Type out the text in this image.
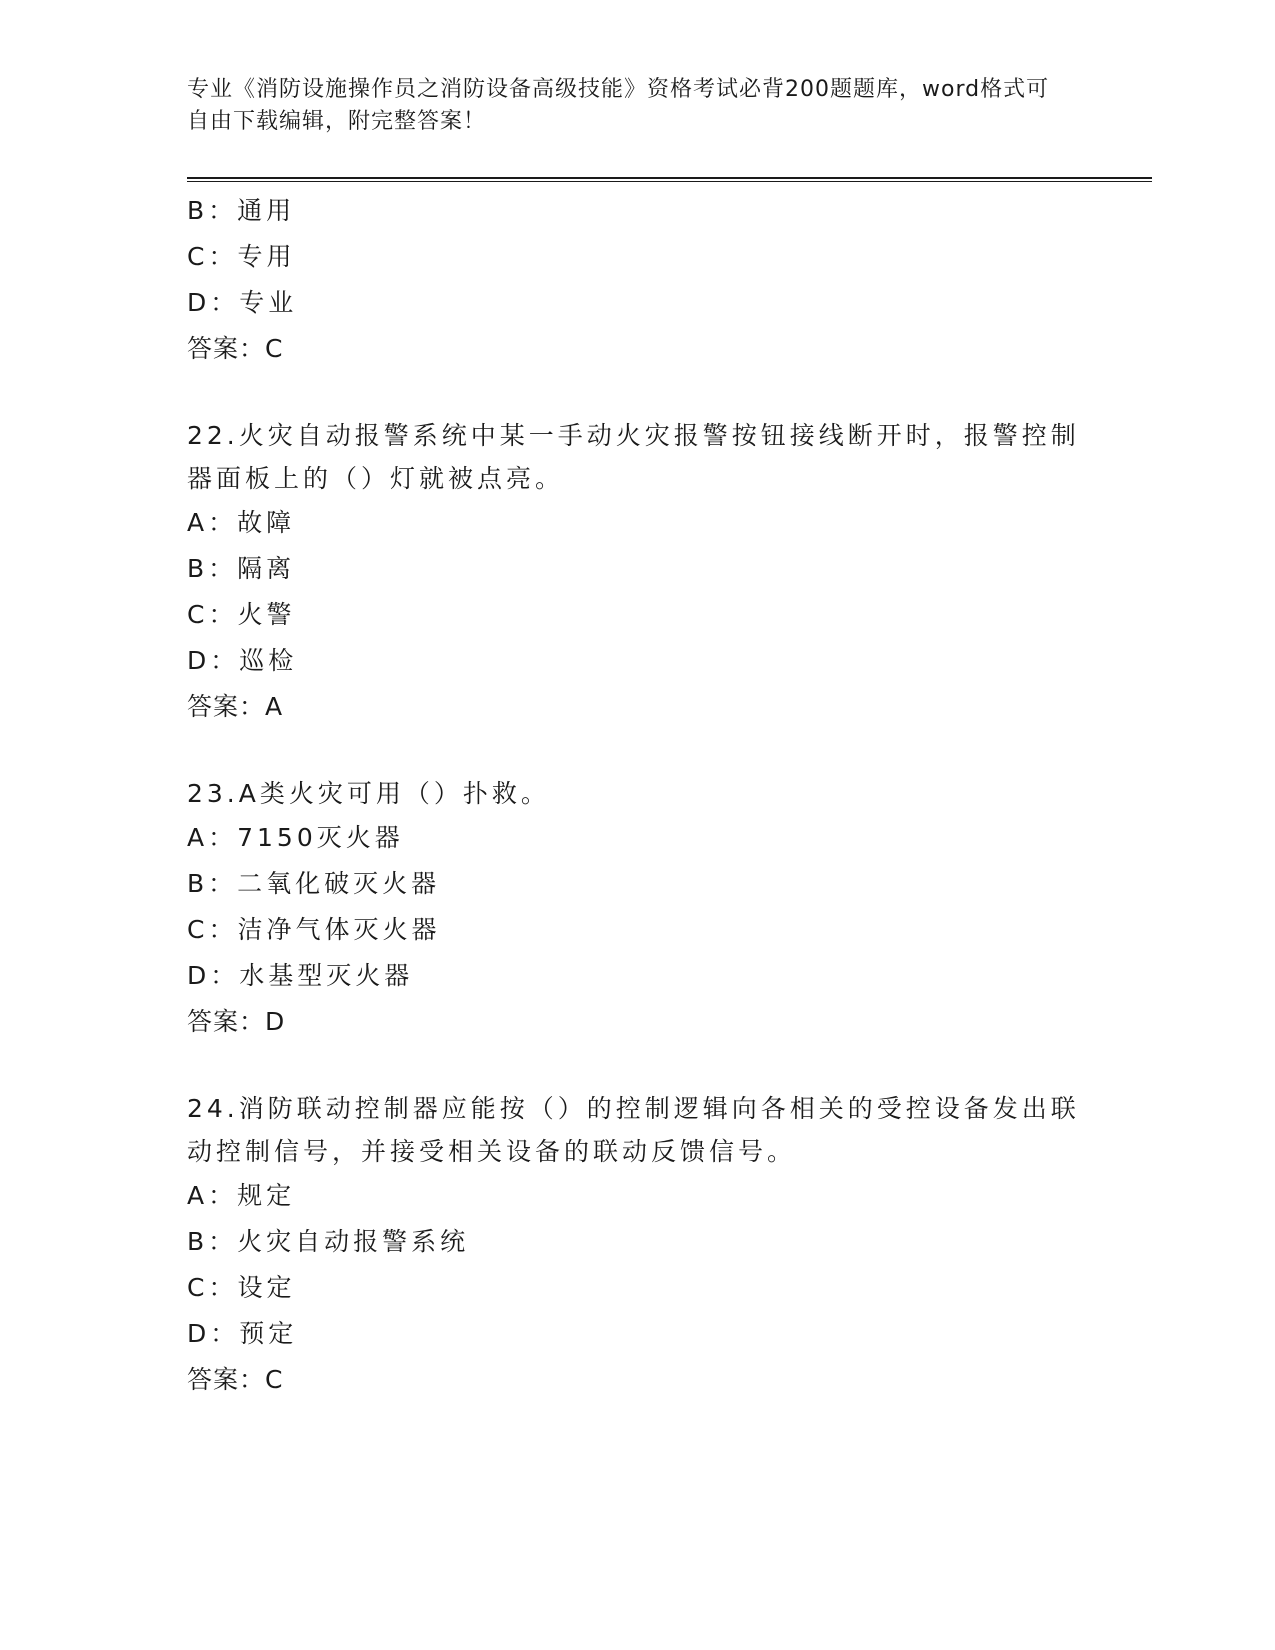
专业《消防设施操作员之消防设备高级技能》资格考试必背200题题库，word格式可自由下载编辑，附完整答案！
B：通用
C：专用
D：专业
答案：C
22.火灾自动报警系统中某一手动火灾报警按钮接线断开时，报警控制器面板上的（）灯就被点亮。
A：故障
B：隔离
C：火警
D：巡检
答案：A
23.A类火灾可用（）扑救。
A：7150灭火器
B：二氧化破灭火器
C：洁净气体灭火器
D：水基型灭火器
答案：D
24.消防联动控制器应能按（）的控制逻辑向各相关的受控设备发出联动控制信号，并接受相关设备的联动反馈信号。
A：规定
B：火灾自动报警系统
C：设定
D：预定
答案：C
